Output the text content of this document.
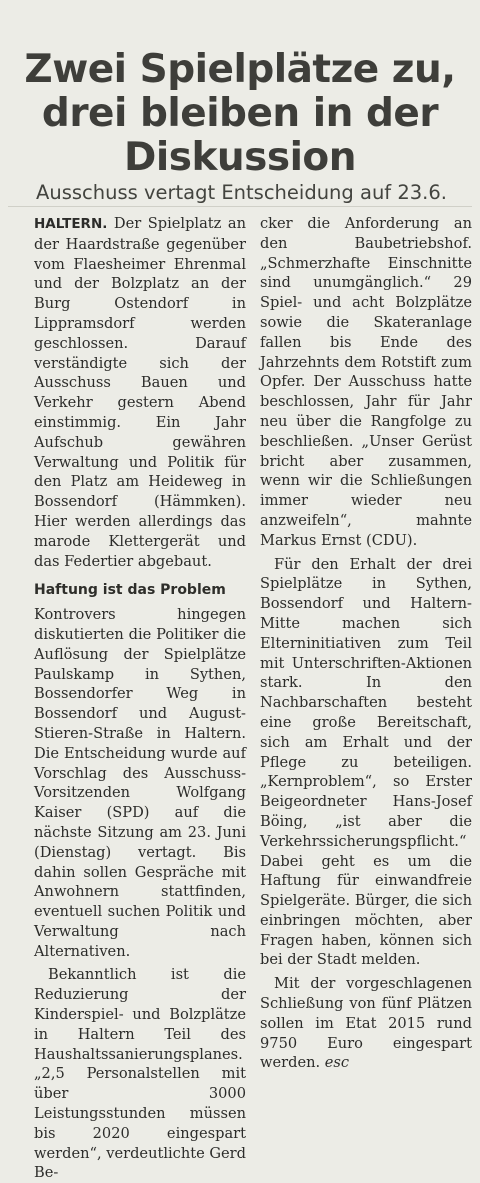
Zwei Spielplätze zu, drei bleiben in der Diskussion
Ausschuss vertagt Entscheidung auf 23.6.

HALTERN. Der Spielplatz an der Haardstraße gegenüber vom Flaesheimer Ehrenmal und der Bolzplatz an der Burg Ostendorf in Lippramsdorf werden geschlossen. Darauf verständigte sich der Ausschuss Bauen und Verkehr gestern Abend einstimmig. Ein Jahr Aufschub gewähren Verwaltung und Politik für den Platz am Heideweg in Bossendorf (Hämmken). Hier werden allerdings das marode Klettergerät und das Federtier abgebaut.

Haftung ist das Problem

Kontrovers hingegen diskutierten die Politiker die Auflösung der Spielplätze Paulskamp in Sythen, Bossendorfer Weg in Bossendorf und August-Stieren-Straße in Haltern. Die Entscheidung wurde auf Vorschlag des Ausschuss-Vorsitzenden Wolfgang Kaiser (SPD) auf die nächste Sitzung am 23. Juni (Dienstag) vertagt. Bis dahin sollen Gespräche mit Anwohnern stattfinden, eventuell suchen Politik und Verwaltung nach Alternativen.

Bekanntlich ist die Reduzierung der Kinderspiel- und Bolzplätze in Haltern Teil des Haushaltssanierungsplanes. „2,5 Personalstellen mit über 3000 Leistungsstunden müssen bis 2020 eingespart werden“, verdeutlichte Gerd Be-

cker die Anforderung an den Baubetriebshof. „Schmerzhafte Einschnitte sind unumgänglich.“ 29 Spiel- und acht Bolzplätze sowie die Skateranlage fallen bis Ende des Jahrzehnts dem Rotstift zum Opfer. Der Ausschuss hatte beschlossen, Jahr für Jahr neu über die Rangfolge zu beschließen. „Unser Gerüst bricht aber zusammen, wenn wir die Schließungen immer wieder neu anzweifeln“, mahnte Markus Ernst (CDU).

Für den Erhalt der drei Spielplätze in Sythen, Bossendorf und Haltern-Mitte machen sich Elterninitiativen zum Teil mit Unterschriften-Aktionen stark. In den Nachbarschaften besteht eine große Bereitschaft, sich am Erhalt und der Pflege zu beteiligen. „Kernproblem“, so Erster Beigeordneter Hans-Josef Böing, „ist aber die Verkehrssicherungspflicht.“ Dabei geht es um die Haftung für einwandfreie Spielgeräte. Bürger, die sich einbringen möchten, aber Fragen haben, können sich bei der Stadt melden.

Mit der vorgeschlagenen Schließung von fünf Plätzen sollen im Etat 2015 rund 9750 Euro eingespart werden. esc
